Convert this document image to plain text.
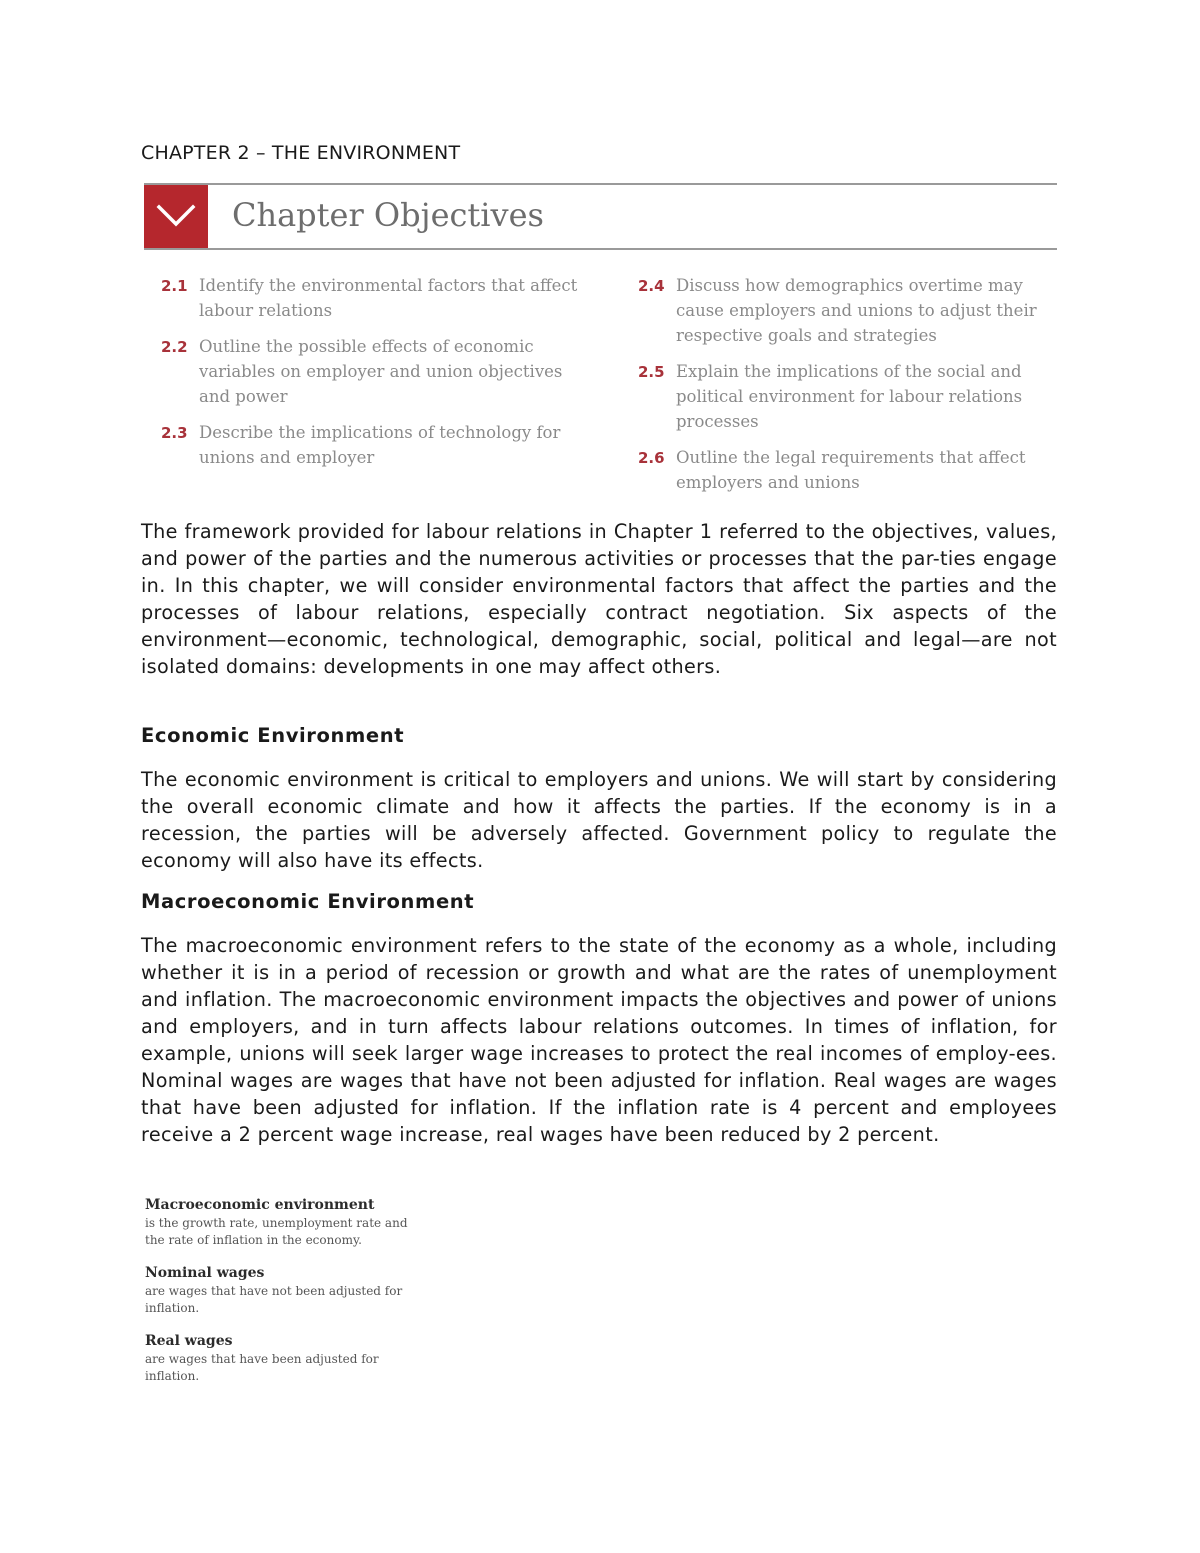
CHAPTER 2 – THE ENVIRONMENT
Chapter Objectives
2.1 Identify the environmental factors that affect labour relations
2.2 Outline the possible effects of economic variables on employer and union objectives and power
2.3 Describe the implications of technology for unions and employer
2.4 Discuss how demographics overtime may cause employers and unions to adjust their respective goals and strategies
2.5 Explain the implications of the social and political environment for labour relations processes
2.6 Outline the legal requirements that affect employers and unions

The framework provided for labour relations in Chapter 1 referred to the objectives, values, and power of the parties and the numerous activities or processes that the par-ties engage in. In this chapter, we will consider environmental factors that affect the parties and the processes of labour relations, especially contract negotiation. Six aspects of the environment—economic, technological, demographic, social, political and legal—are not isolated domains: developments in one may affect others.

Economic Environment

The economic environment is critical to employers and unions. We will start by considering the overall economic climate and how it affects the parties. If the economy is in a recession, the parties will be adversely affected. Government policy to regulate the economy will also have its effects.

Macroeconomic Environment

The macroeconomic environment refers to the state of the economy as a whole, including whether it is in a period of recession or growth and what are the rates of unemployment and inflation. The macroeconomic environment impacts the objectives and power of unions and employers, and in turn affects labour relations outcomes. In times of inflation, for example, unions will seek larger wage increases to protect the real incomes of employ-ees. Nominal wages are wages that have not been adjusted for inflation. Real wages are wages that have been adjusted for inflation. If the inflation rate is 4 percent and employees receive a 2 percent wage increase, real wages have been reduced by 2 percent.

Macroeconomic environment
is the growth rate, unemployment rate and the rate of inflation in the economy.
Nominal wages
are wages that have not been adjusted for inflation.
Real wages
are wages that have been adjusted for inflation.
